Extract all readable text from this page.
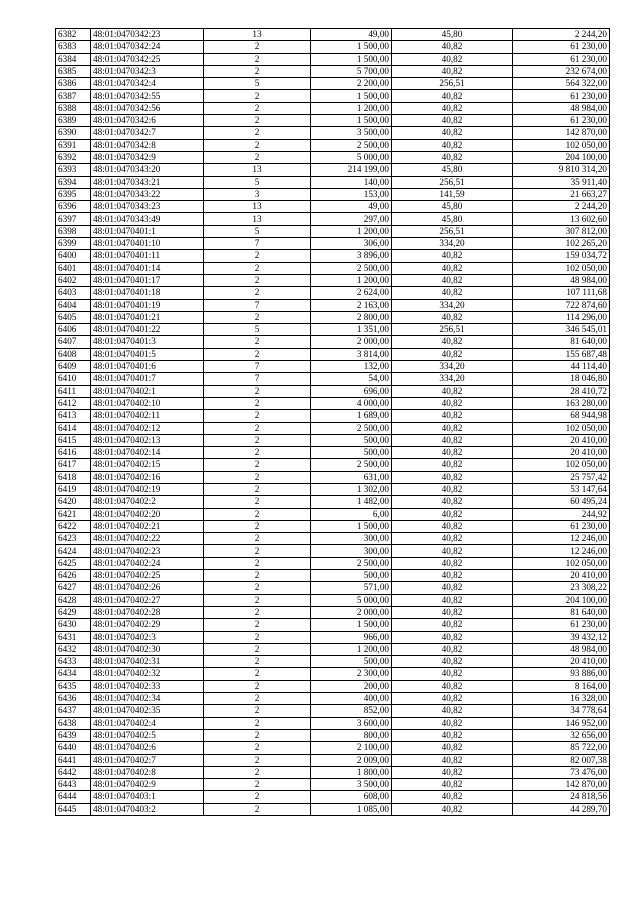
6382	48:01:0470342:23	13	49,00	45,80	2 244,20
6383	48:01:0470342:24	2	1 500,00	40,82	61 230,00
6384	48:01:0470342:25	2	1 500,00	40,82	61 230,00
6385	48:01:0470342:3	2	5 700,00	40,82	232 674,00
6386	48:01:0470342:4	5	2 200,00	256,51	564 322,00
6387	48:01:0470342:55	2	1 500,00	40,82	61 230,00
6388	48:01:0470342:56	2	1 200,00	40,82	48 984,00
6389	48:01:0470342:6	2	1 500,00	40,82	61 230,00
6390	48:01:0470342:7	2	3 500,00	40,82	142 870,00
6391	48:01:0470342:8	2	2 500,00	40,82	102 050,00
6392	48:01:0470342:9	2	5 000,00	40,82	204 100,00
6393	48:01:0470343:20	13	214 199,00	45,80	9 810 314,20
6394	48:01:0470343:21	5	140,00	256,51	35 911,40
6395	48:01:0470343:22	3	153,00	141,59	21 663,27
6396	48:01:0470343:23	13	49,00	45,80	2 244,20
6397	48:01:0470343:49	13	297,00	45,80	13 602,60
6398	48:01:0470401:1	5	1 200,00	256,51	307 812,00
6399	48:01:0470401:10	7	306,00	334,20	102 265,20
6400	48:01:0470401:11	2	3 896,00	40,82	159 034,72
6401	48:01:0470401:14	2	2 500,00	40,82	102 050,00
6402	48:01:0470401:17	2	1 200,00	40,82	48 984,00
6403	48:01:0470401:18	2	2 624,00	40,82	107 111,68
6404	48:01:0470401:19	7	2 163,00	334,20	722 874,60
6405	48:01:0470401:21	2	2 800,00	40,82	114 296,00
6406	48:01:0470401:22	5	1 351,00	256,51	346 545,01
6407	48:01:0470401:3	2	2 000,00	40,82	81 640,00
6408	48:01:0470401:5	2	3 814,00	40,82	155 687,48
6409	48:01:0470401:6	7	132,00	334,20	44 114,40
6410	48:01:0470401:7	7	54,00	334,20	18 046,80
6411	48:01:0470402:1	2	696,00	40,82	28 410,72
6412	48:01:0470402:10	2	4 000,00	40,82	163 280,00
6413	48:01:0470402:11	2	1 689,00	40,82	68 944,98
6414	48:01:0470402:12	2	2 500,00	40,82	102 050,00
6415	48:01:0470402:13	2	500,00	40,82	20 410,00
6416	48:01:0470402:14	2	500,00	40,82	20 410,00
6417	48:01:0470402:15	2	2 500,00	40,82	102 050,00
6418	48:01:0470402:16	2	631,00	40,82	25 757,42
6419	48:01:0470402:19	2	1 302,00	40,82	53 147,64
6420	48:01:0470402:2	2	1 482,00	40,82	60 495,24
6421	48:01:0470402:20	2	6,00	40,82	244,92
6422	48:01:0470402:21	2	1 500,00	40,82	61 230,00
6423	48:01:0470402:22	2	300,00	40,82	12 246,00
6424	48:01:0470402:23	2	300,00	40,82	12 246,00
6425	48:01:0470402:24	2	2 500,00	40,82	102 050,00
6426	48:01:0470402:25	2	500,00	40,82	20 410,00
6427	48:01:0470402:26	2	571,00	40,82	23 308,22
6428	48:01:0470402:27	2	5 000,00	40,82	204 100,00
6429	48:01:0470402:28	2	2 000,00	40,82	81 640,00
6430	48:01:0470402:29	2	1 500,00	40,82	61 230,00
6431	48:01:0470402:3	2	966,00	40,82	39 432,12
6432	48:01:0470402:30	2	1 200,00	40,82	48 984,00
6433	48:01:0470402:31	2	500,00	40,82	20 410,00
6434	48:01:0470402:32	2	2 300,00	40,82	93 886,00
6435	48:01:0470402:33	2	200,00	40,82	8 164,00
6436	48:01:0470402:34	2	400,00	40,82	16 328,00
6437	48:01:0470402:35	2	852,00	40,82	34 778,64
6438	48:01:0470402:4	2	3 600,00	40,82	146 952,00
6439	48:01:0470402:5	2	800,00	40,82	32 656,00
6440	48:01:0470402:6	2	2 100,00	40,82	85 722,00
6441	48:01:0470402:7	2	2 009,00	40,82	82 007,38
6442	48:01:0470402:8	2	1 800,00	40,82	73 476,00
6443	48:01:0470402:9	2	3 500,00	40,82	142 870,00
6444	48:01:0470403:1	2	608,00	40,82	24 818,56
6445	48:01:0470403:2	2	1 085,00	40,82	44 289,70
